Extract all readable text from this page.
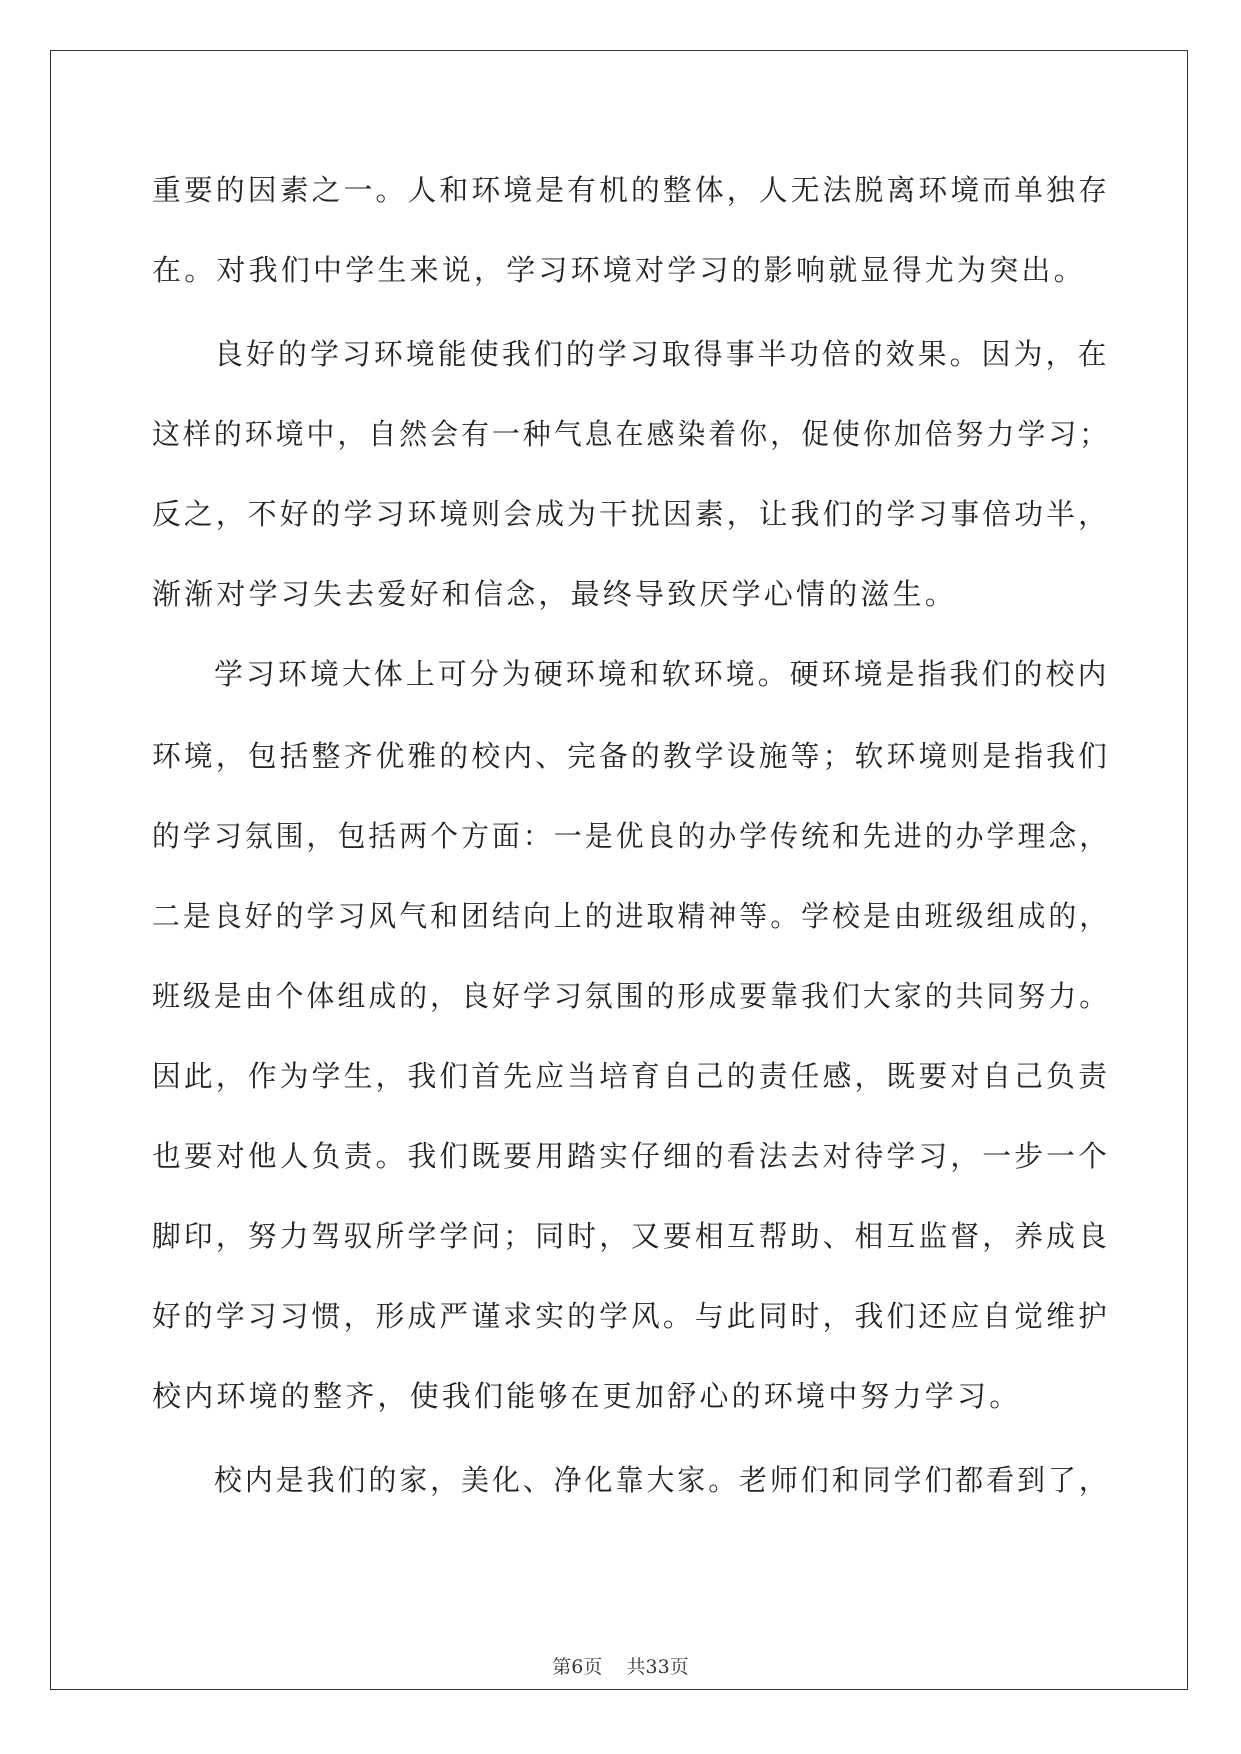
重要的因素之一。人和环境是有机的整体，人无法脱离环境而单独存
在。对我们中学生来说，学习环境对学习的影响就显得尤为突出。
良好的学习环境能使我们的学习取得事半功倍的效果。因为，在
这样的环境中，自然会有一种气息在感染着你，促使你加倍努力学习；
反之，不好的学习环境则会成为干扰因素，让我们的学习事倍功半，
渐渐对学习失去爱好和信念，最终导致厌学心情的滋生。
学习环境大体上可分为硬环境和软环境。硬环境是指我们的校内
环境，包括整齐优雅的校内、完备的教学设施等；软环境则是指我们
的学习氛围，包括两个方面：一是优良的办学传统和先进的办学理念，
二是良好的学习风气和团结向上的进取精神等。学校是由班级组成的，
班级是由个体组成的，良好学习氛围的形成要靠我们大家的共同努力。
因此，作为学生，我们首先应当培育自己的责任感，既要对自己负责
也要对他人负责。我们既要用踏实仔细的看法去对待学习，一步一个
脚印，努力驾驭所学学问；同时，又要相互帮助、相互监督，养成良
好的学习习惯，形成严谨求实的学风。与此同时，我们还应自觉维护
校内环境的整齐，使我们能够在更加舒心的环境中努力学习。
校内是我们的家，美化、净化靠大家。老师们和同学们都看到了，
第6页 共33页
